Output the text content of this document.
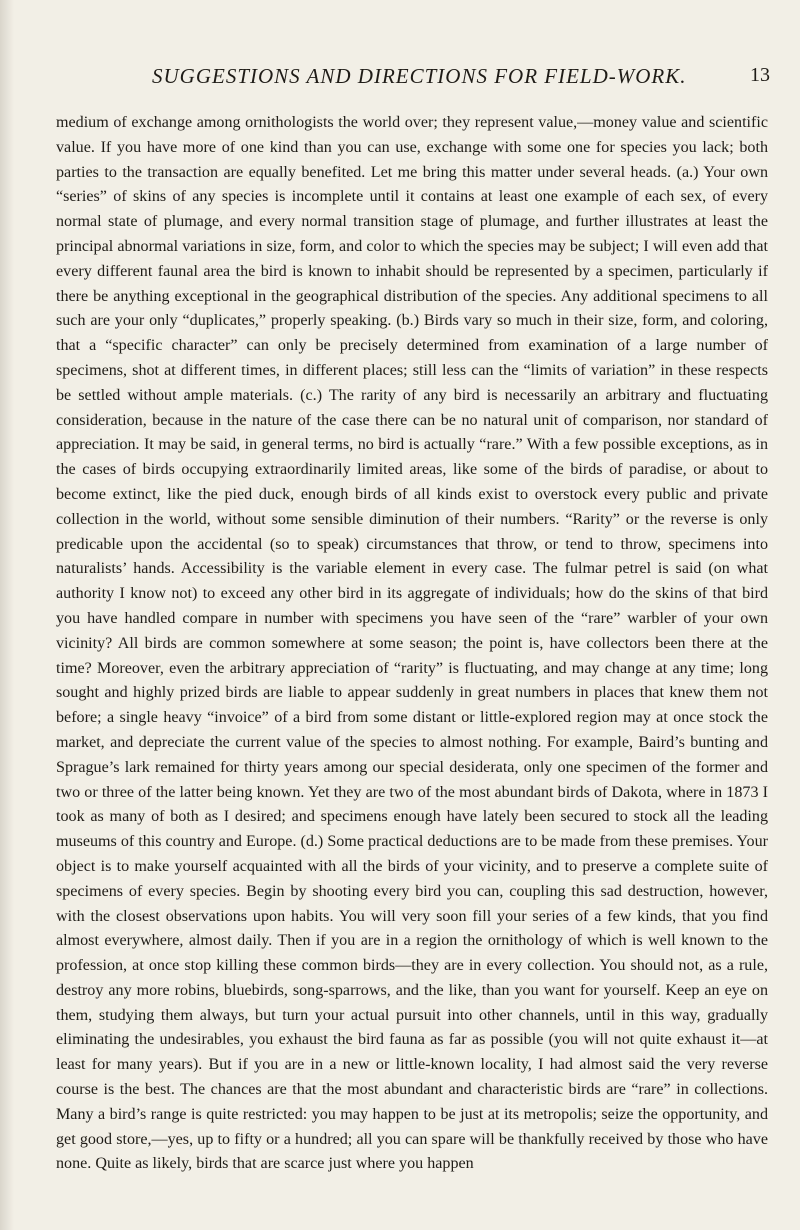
SUGGESTIONS AND DIRECTIONS FOR FIELD-WORK.	13

medium of exchange among ornithologists the world over; they represent value,—money value and scientific value. If you have more of one kind than you can use, exchange with some one for species you lack; both parties to the transaction are equally benefited. Let me bring this matter under several heads. (a.) Your own “series” of skins of any species is incomplete until it contains at least one example of each sex, of every normal state of plumage, and every normal transition stage of plumage, and further illustrates at least the principal abnormal variations in size, form, and color to which the species may be subject; I will even add that every different faunal area the bird is known to inhabit should be represented by a specimen, particularly if there be anything exceptional in the geographical distribution of the species. Any additional specimens to all such are your only “duplicates,” properly speaking. (b.) Birds vary so much in their size, form, and coloring, that a “specific character” can only be precisely determined from examination of a large number of specimens, shot at different times, in different places; still less can the “limits of variation” in these respects be settled without ample materials. (c.) The rarity of any bird is necessarily an arbitrary and fluctuating consideration, because in the nature of the case there can be no natural unit of comparison, nor standard of appreciation. It may be said, in general terms, no bird is actually “rare.” With a few possible exceptions, as in the cases of birds occupying extraordinarily limited areas, like some of the birds of paradise, or about to become extinct, like the pied duck, enough birds of all kinds exist to overstock every public and private collection in the world, without some sensible diminution of their numbers. “Rarity” or the reverse is only predicable upon the accidental (so to speak) circumstances that throw, or tend to throw, specimens into naturalists’ hands. Accessibility is the variable element in every case. The fulmar petrel is said (on what authority I know not) to exceed any other bird in its aggregate of individuals; how do the skins of that bird you have handled compare in number with specimens you have seen of the “rare” warbler of your own vicinity? All birds are common somewhere at some season; the point is, have collectors been there at the time? Moreover, even the arbitrary appreciation of “rarity” is fluctuating, and may change at any time; long sought and highly prized birds are liable to appear suddenly in great numbers in places that knew them not before; a single heavy “invoice” of a bird from some distant or little-explored region may at once stock the market, and depreciate the current value of the species to almost nothing. For example, Baird’s bunting and Sprague’s lark remained for thirty years among our special desiderata, only one specimen of the former and two or three of the latter being known. Yet they are two of the most abundant birds of Dakota, where in 1873 I took as many of both as I desired; and specimens enough have lately been secured to stock all the leading museums of this country and Europe. (d.) Some practical deductions are to be made from these premises. Your object is to make yourself acquainted with all the birds of your vicinity, and to preserve a complete suite of specimens of every species. Begin by shooting every bird you can, coupling this sad destruction, however, with the closest observations upon habits. You will very soon fill your series of a few kinds, that you find almost everywhere, almost daily. Then if you are in a region the ornithology of which is well known to the profession, at once stop killing these common birds—they are in every collection. You should not, as a rule, destroy any more robins, bluebirds, song-sparrows, and the like, than you want for yourself. Keep an eye on them, studying them always, but turn your actual pursuit into other channels, until in this way, gradually eliminating the undesirables, you exhaust the bird fauna as far as possible (you will not quite exhaust it—at least for many years). But if you are in a new or little-known locality, I had almost said the very reverse course is the best. The chances are that the most abundant and characteristic birds are “rare” in collections. Many a bird’s range is quite restricted: you may happen to be just at its metropolis; seize the opportunity, and get good store,—yes, up to fifty or a hundred; all you can spare will be thankfully received by those who have none. Quite as likely, birds that are scarce just where you happen
